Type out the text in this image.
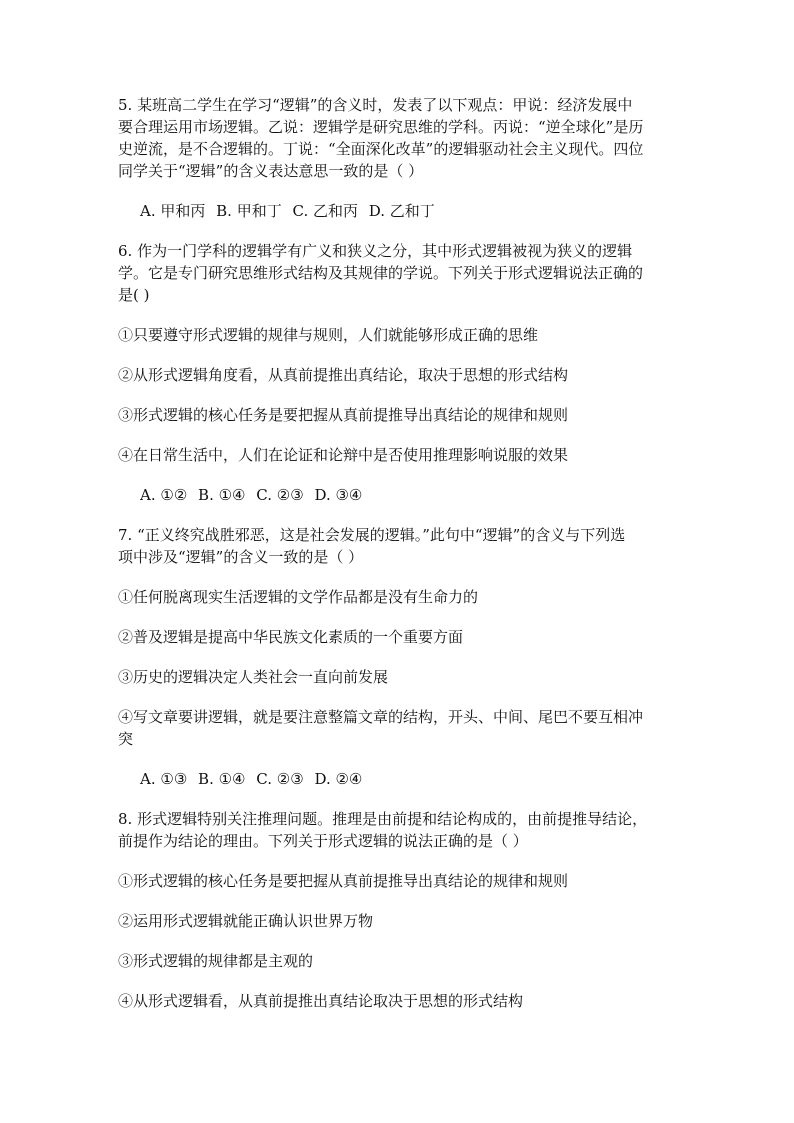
5. 某班高二学生在学习“逻辑”的含义时，发表了以下观点：甲说：经济发展中
要合理运用市场逻辑。乙说：逻辑学是研究思维的学科。丙说：“逆全球化”是历
史逆流，是不合逻辑的。丁说：“全面深化改革”的逻辑驱动社会主义现代。四位
同学关于“逻辑”的含义表达意思一致的是（ ）

A. 甲和丙 B. 甲和丁 C. 乙和丙 D. 乙和丁

6. 作为一门学科的逻辑学有广义和狭义之分，其中形式逻辑被视为狭义的逻辑
学。它是专门研究思维形式结构及其规律的学说。下列关于形式逻辑说法正确的
是( )

①只要遵守形式逻辑的规律与规则，人们就能够形成正确的思维

②从形式逻辑角度看，从真前提推出真结论，取决于思想的形式结构

③形式逻辑的核心任务是要把握从真前提推导出真结论的规律和规则

④在日常生活中，人们在论证和论辩中是否使用推理影响说服的效果

A. ①② B. ①④ C. ②③ D. ③④

7. “正义终究战胜邪恶，这是社会发展的逻辑。”此句中“逻辑”的含义与下列选
项中涉及“逻辑”的含义一致的是（ ）

①任何脱离现实生活逻辑的文学作品都是没有生命力的

②普及逻辑是提高中华民族文化素质的一个重要方面

③历史的逻辑决定人类社会一直向前发展

④写文章要讲逻辑，就是要注意整篇文章的结构，开头、中间、尾巴不要互相冲
突

A. ①③ B. ①④ C. ②③ D. ②④

8. 形式逻辑特别关注推理问题。推理是由前提和结论构成的，由前提推导结论，
前提作为结论的理由。下列关于形式逻辑的说法正确的是（ ）

①形式逻辑的核心任务是要把握从真前提推导出真结论的规律和规则

②运用形式逻辑就能正确认识世界万物

③形式逻辑的规律都是主观的

④从形式逻辑看，从真前提推出真结论取决于思想的形式结构
